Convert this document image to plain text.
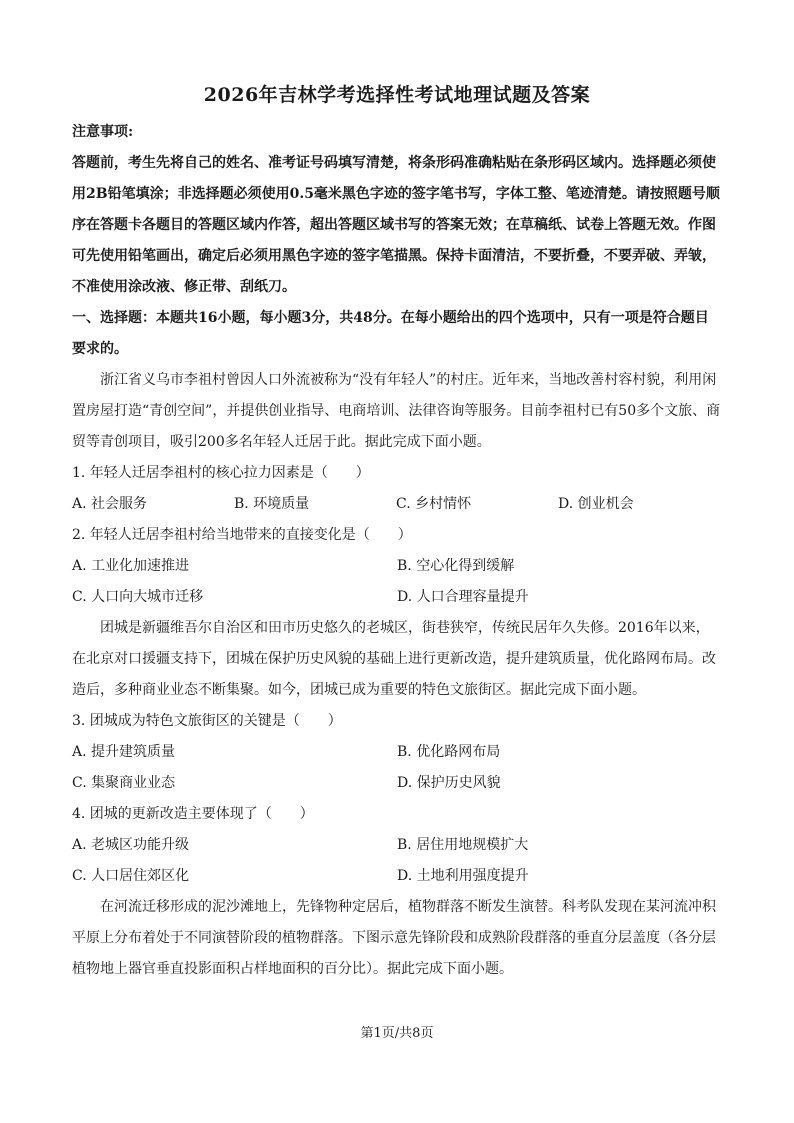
2026年吉林学考选择性考试地理试题及答案

注意事项:

答题前，考生先将自己的姓名、准考证号码填写清楚，将条形码准确粘贴在条形码区域内。选择题必须使用2B铅笔填涂；非选择题必须使用0.5毫米黑色字迹的签字笔书写，字体工整、笔迹清楚。请按照题号顺序在答题卡各题目的答题区域内作答，超出答题区域书写的答案无效；在草稿纸、试卷上答题无效。作图可先使用铅笔画出，确定后必须用黑色字迹的签字笔描黑。保持卡面清洁，不要折叠，不要弄破、弄皱，不准使用涂改液、修正带、刮纸刀。

一、选择题：本题共16小题，每小题3分，共48分。在每小题给出的四个选项中，只有一项是符合题目要求的。

浙江省义乌市李祖村曾因人口外流被称为“没有年轻人”的村庄。近年来，当地改善村容村貌，利用闲置房屋打造“青创空间”，并提供创业指导、电商培训、法律咨询等服务。目前李祖村已有50多个文旅、商贸等青创项目，吸引200多名年轻人迁居于此。据此完成下面小题。

1. 年轻人迁居李祖村的核心拉力因素是（　　）

A. 社会服务	B. 环境质量	C. 乡村情怀	D. 创业机会

2. 年轻人迁居李祖村给当地带来的直接变化是（　　）

A. 工业化加速推进	B. 空心化得到缓解
C. 人口向大城市迁移	D. 人口合理容量提升

团城是新疆维吾尔自治区和田市历史悠久的老城区，街巷狭窄，传统民居年久失修。2016年以来，在北京对口援疆支持下，团城在保护历史风貌的基础上进行更新改造，提升建筑质量，优化路网布局。改造后，多种商业业态不断集聚。如今，团城已成为重要的特色文旅街区。据此完成下面小题。

3. 团城成为特色文旅街区的关键是（　　）

A. 提升建筑质量	B. 优化路网布局
C. 集聚商业业态	D. 保护历史风貌

4. 团城的更新改造主要体现了（　　）

A. 老城区功能升级	B. 居住用地规模扩大
C. 人口居住郊区化	D. 土地利用强度提升

在河流迁移形成的泥沙滩地上，先锋物种定居后，植物群落不断发生演替。科考队发现在某河流冲积平原上分布着处于不同演替阶段的植物群落。下图示意先锋阶段和成熟阶段群落的垂直分层盖度（各分层植物地上器官垂直投影面积占样地面积的百分比）。据此完成下面小题。

第1页/共8页
